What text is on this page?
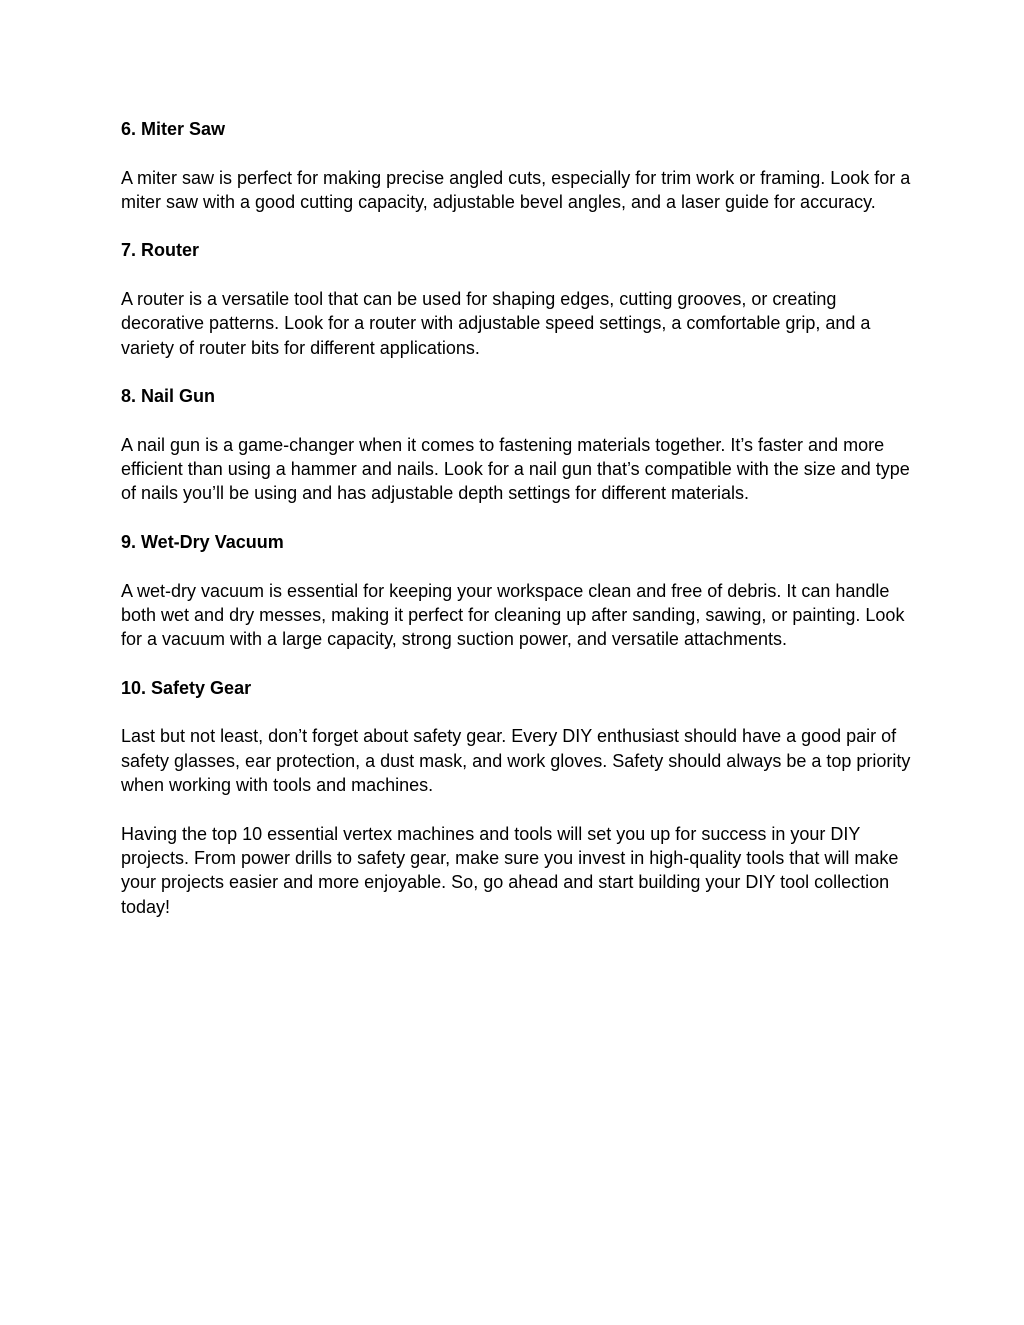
6. Miter Saw
A miter saw is perfect for making precise angled cuts, especially for trim work or framing. Look for a miter saw with a good cutting capacity, adjustable bevel angles, and a laser guide for accuracy.
7. Router
A router is a versatile tool that can be used for shaping edges, cutting grooves, or creating decorative patterns. Look for a router with adjustable speed settings, a comfortable grip, and a variety of router bits for different applications.
8. Nail Gun
A nail gun is a game-changer when it comes to fastening materials together. It’s faster and more efficient than using a hammer and nails. Look for a nail gun that’s compatible with the size and type of nails you’ll be using and has adjustable depth settings for different materials.
9. Wet-Dry Vacuum
A wet-dry vacuum is essential for keeping your workspace clean and free of debris. It can handle both wet and dry messes, making it perfect for cleaning up after sanding, sawing, or painting. Look for a vacuum with a large capacity, strong suction power, and versatile attachments.
10. Safety Gear
Last but not least, don’t forget about safety gear. Every DIY enthusiast should have a good pair of safety glasses, ear protection, a dust mask, and work gloves. Safety should always be a top priority when working with tools and machines.
Having the top 10 essential vertex machines and tools will set you up for success in your DIY projects. From power drills to safety gear, make sure you invest in high-quality tools that will make your projects easier and more enjoyable. So, go ahead and start building your DIY tool collection today!
